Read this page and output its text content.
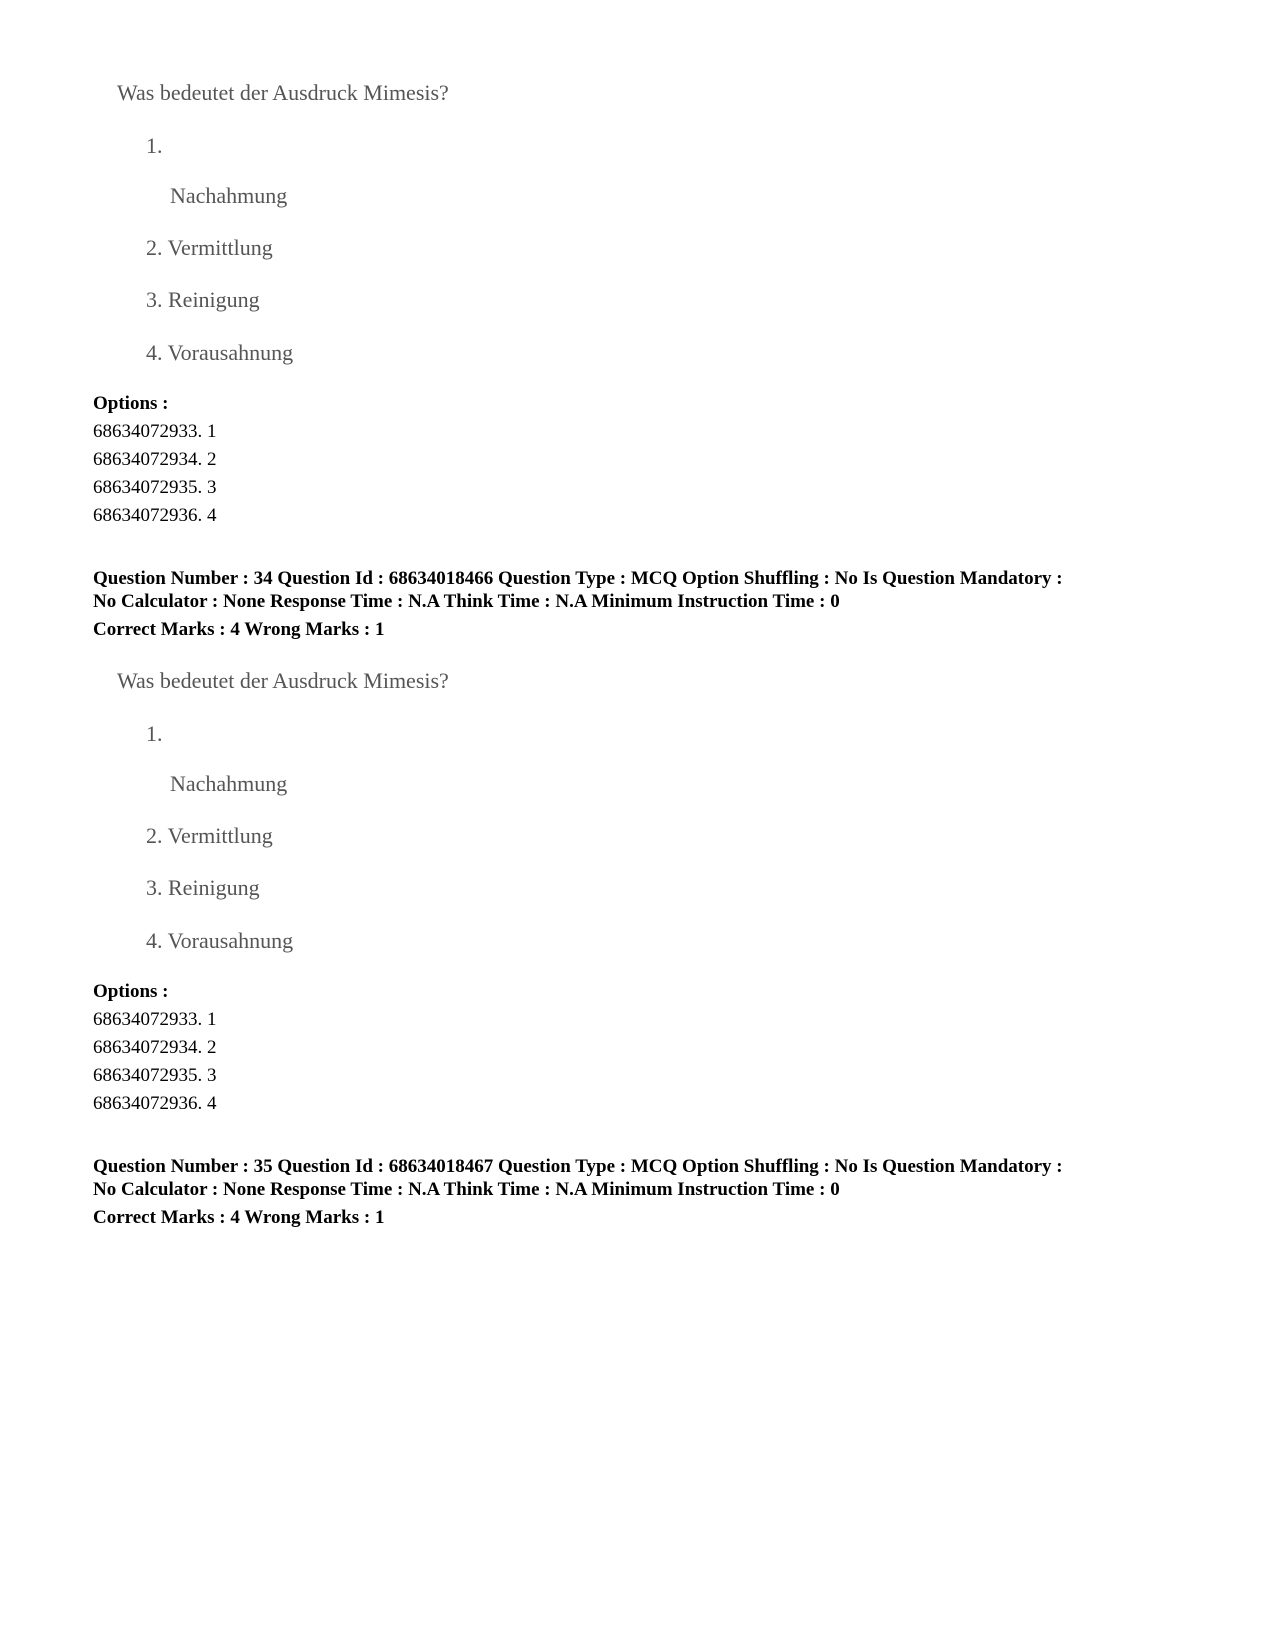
Was bedeutet der Ausdruck Mimesis?
1.
Nachahmung
2. Vermittlung
3. Reinigung
4. Vorausahnung
Options :
68634072933. 1
68634072934. 2
68634072935. 3
68634072936. 4
Question Number : 34 Question Id : 68634018466 Question Type : MCQ Option Shuffling : No Is Question Mandatory :
No Calculator : None Response Time : N.A Think Time : N.A Minimum Instruction Time : 0
Correct Marks : 4 Wrong Marks : 1
Was bedeutet der Ausdruck Mimesis?
1.
Nachahmung
2. Vermittlung
3. Reinigung
4. Vorausahnung
Options :
68634072933. 1
68634072934. 2
68634072935. 3
68634072936. 4
Question Number : 35 Question Id : 68634018467 Question Type : MCQ Option Shuffling : No Is Question Mandatory :
No Calculator : None Response Time : N.A Think Time : N.A Minimum Instruction Time : 0
Correct Marks : 4 Wrong Marks : 1
